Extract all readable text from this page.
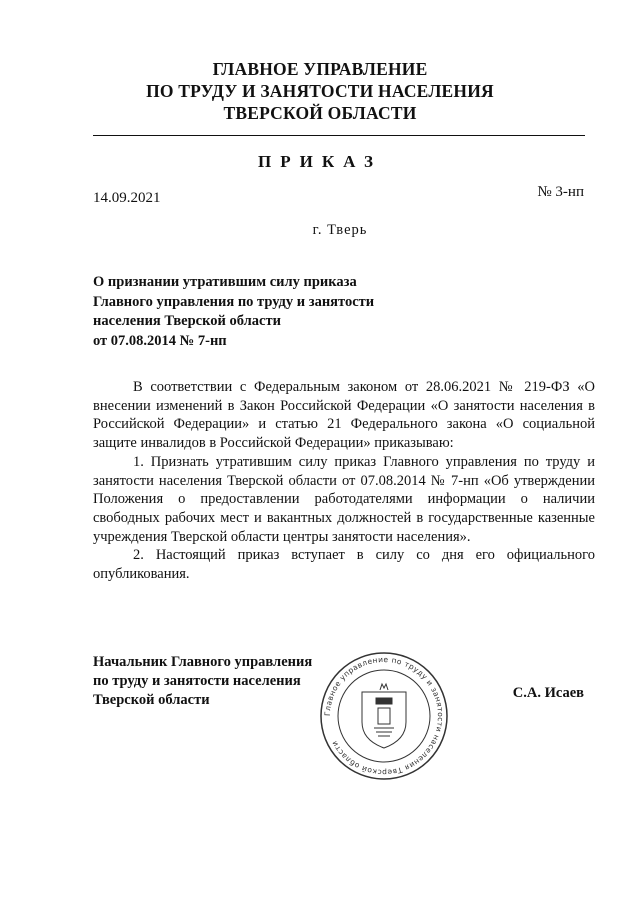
ГЛАВНОЕ УПРАВЛЕНИЕ
ПО ТРУДУ И ЗАНЯТОСТИ НАСЕЛЕНИЯ
ТВЕРСКОЙ ОБЛАСТИ
ПРИКАЗ
14.09.2021	№ 3-нп
г. Тверь
О признании утратившим силу приказа
Главного управления по труду и занятости
населения Тверской области
от 07.08.2014 № 7-нп

В соответствии с Федеральным законом от 28.06.2021 № 219-ФЗ «О внесении изменений в Закон Российской Федерации «О занятости населения в Российской Федерации» и статью 21 Федерального закона «О социальной защите инвалидов в Российской Федерации» приказываю:

1. Признать утратившим силу приказ Главного управления по труду и занятости населения Тверской области от 07.08.2014 № 7-нп «Об утверждении Положения о предоставлении работодателями информации о наличии свободных рабочих мест и вакантных должностей в государственные казенные учреждения Тверской области центры занятости населения».

2. Настоящий приказ вступает в силу со дня его официального опубликования.

Начальник Главного управления
по труду и занятости населения
Тверской области	С.А. Исаев
Главное управление по труду и занятости населения Тверской области
